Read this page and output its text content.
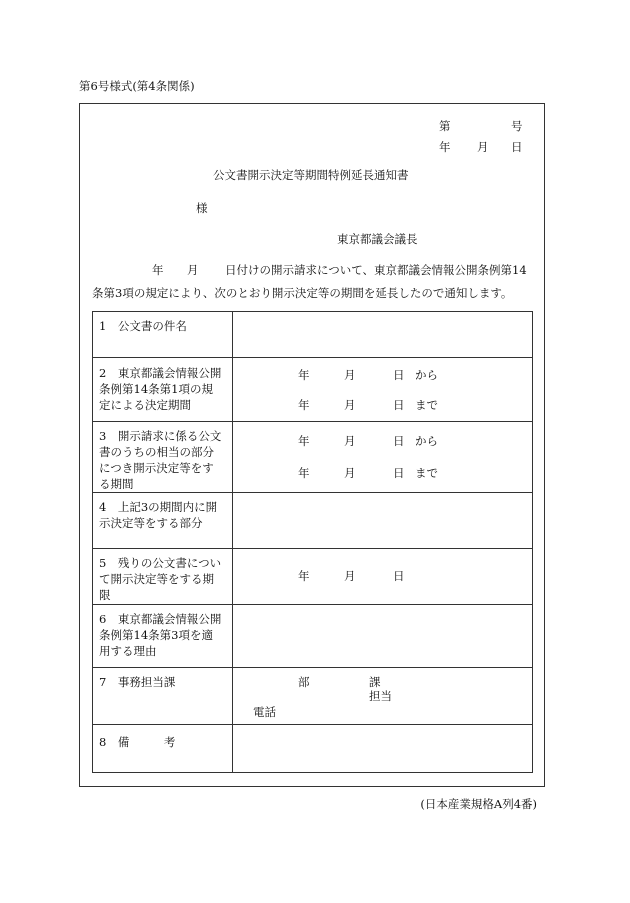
第6号様式(第4条関係)
第	号
年 月 日
公文書開示決定等期間特例延長通知書
様
東京都議会議長
年 月 日付けの開示請求について、東京都議会情報公開条例第14
条第3項の規定により、次のとおり開示決定等の期間を延長したので通知します。
1　公文書の件名
2　東京都議会情報公開
条例第14条第1項の規
定による決定期間
年	月	日 から
年	月	日 まで
3　開示請求に係る公文
書のうちの相当の部分
につき開示決定等をす
る期間
年	月	日 から
年	月	日 まで
4　上記3の期間内に開
示決定等をする部分
5　残りの公文書につい
て開示決定等をする期
限
年	月	日
6　東京都議会情報公開
条例第14条第3項を適
用する理由
7　事務担当課	部	課
担当
電話
8　備　　　考
(日本産業規格A列4番)
